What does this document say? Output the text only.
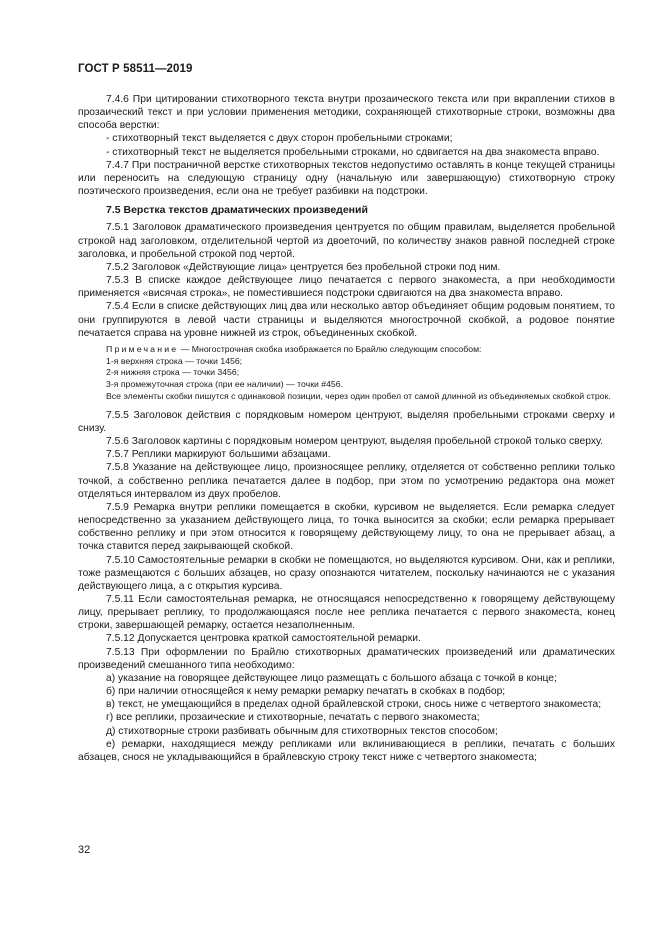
ГОСТ Р 58511—2019

7.4.6 При цитировании стихотворного текста внутри прозаического текста или при вкраплении стихов в прозаический текст и при условии применения методики, сохраняющей стихотворные строки, возможны два способа верстки:

- стихотворный текст выделяется с двух сторон пробельными строками;

- стихотворный текст не выделяется пробельными строками, но сдвигается на два знакоместа вправо.

7.4.7 При постраничной верстке стихотворных текстов недопустимо оставлять в конце текущей страницы или переносить на следующую страницу одну (начальную или завершающую) стихотворную строку поэтического произведения, если она не требует разбивки на подстроки.

7.5 Верстка текстов драматических произведений

7.5.1 Заголовок драматического произведения центруется по общим правилам, выделяется пробельной строкой над заголовком, отделительной чертой из двоеточий, по количеству знаков равной последней строке заголовка, и пробельной строкой под чертой.

7.5.2 Заголовок «Действующие лица» центруется без пробельной строки под ним.

7.5.3 В списке каждое действующее лицо печатается с первого знакоместа, а при необходимости применяется «висячая строка», не поместившиеся подстроки сдвигаются на два знакоместа вправо.

7.5.4 Если в списке действующих лиц два или несколько автор объединяет общим родовым понятием, то они группируются в левой части страницы и выделяются многострочной скобкой, а родовое понятие печатается справа на уровне нижней из строк, объединенных скобкой.

Примечание — Многострочная скобка изображается по Брайлю следующим способом:

1-я верхняя строка — точки 1456;

2-я нижняя строка — точки 3456;

3-я промежуточная строка (при ее наличии) — точки #456.

Все элементы скобки пишутся с одинаковой позиции, через один пробел от самой длинной из объединяемых скобкой строк.

7.5.5 Заголовок действия с порядковым номером центруют, выделяя пробельными строками сверху и снизу.

7.5.6 Заголовок картины с порядковым номером центруют, выделяя пробельной строкой только сверху.

7.5.7 Реплики маркируют большими абзацами.

7.5.8 Указание на действующее лицо, произносящее реплику, отделяется от собственно реплики только точкой, а собственно реплика печатается далее в подбор, при этом по усмотрению редактора она может отделяться интервалом из двух пробелов.

7.5.9 Ремарка внутри реплики помещается в скобки, курсивом не выделяется. Если ремарка следует непосредственно за указанием действующего лица, то точка выносится за скобки; если ремарка прерывает собственно реплику и при этом относится к говорящему действующему лицу, то она не прерывает абзац, а точка ставится перед закрывающей скобкой.

7.5.10 Самостоятельные ремарки в скобки не помещаются, но выделяются курсивом. Они, как и реплики, тоже размещаются с больших абзацев, но сразу опознаются читателем, поскольку начинаются не с указания действующего лица, а с открытия курсива.

7.5.11 Если самостоятельная ремарка, не относящаяся непосредственно к говорящему действующему лицу, прерывает реплику, то продолжающаяся после нее реплика печатается с первого знакоместа, конец строки, завершающей ремарку, остается незаполненным.

7.5.12 Допускается центровка краткой самостоятельной ремарки.

7.5.13 При оформлении по Брайлю стихотворных драматических произведений или драматических произведений смешанного типа необходимо:

а) указание на говорящее действующее лицо размещать с большого абзаца с точкой в конце;

б) при наличии относящейся к нему ремарки ремарку печатать в скобках в подбор;

в) текст, не умещающийся в пределах одной брайлевской строки, снось ниже с четвертого знакоместа;

г) все реплики, прозаические и стихотворные, печатать с первого знакоместа;

д) стихотворные строки разбивать обычным для стихотворных текстов способом;

е) ремарки, находящиеся между репликами или вклинивающиеся в реплики, печатать с больших абзацев, снося не укладывающийся в брайлевскую строку текст ниже с четвертого знакоместа;

32
